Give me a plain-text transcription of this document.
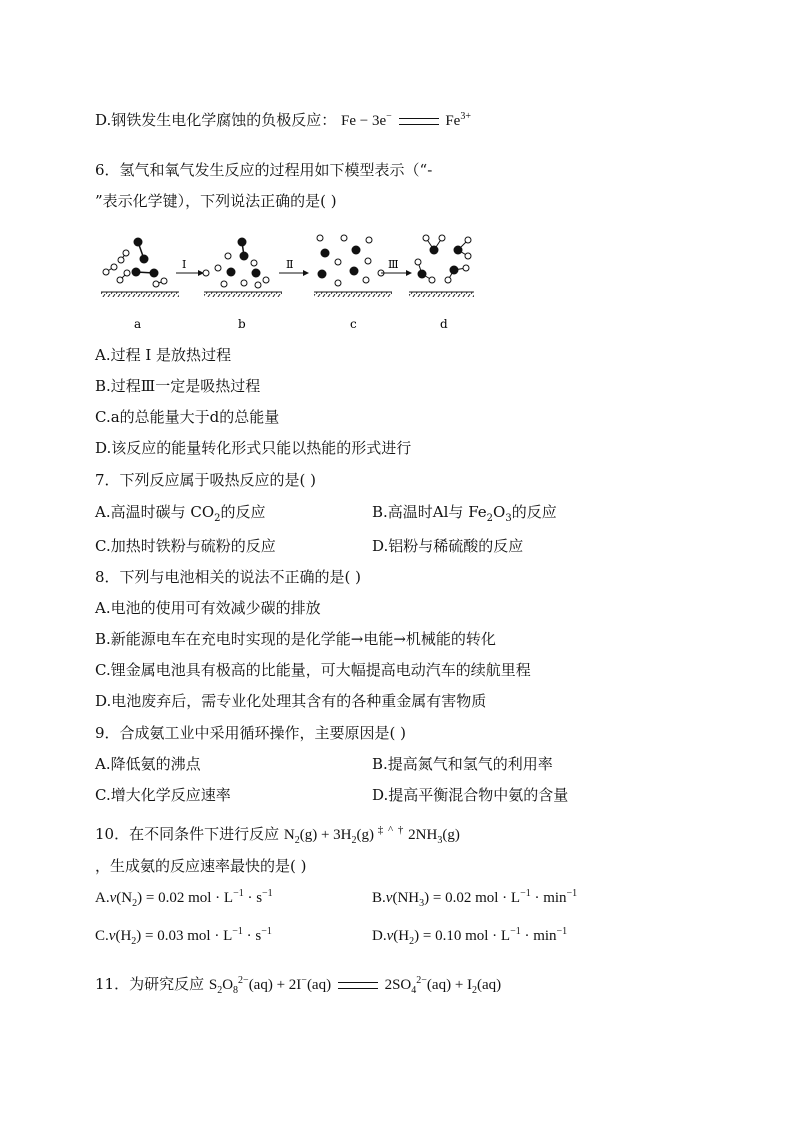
D.钢铁发生电化学腐蚀的负极反应： Fe − 3e−	$Fe^{3+}$
6．氢气和氧气发生反应的过程用如下模型表示（“-
”表示化学键），下列说法正确的是( )
Ⅰ	Ⅱ	Ⅲ
a	b	c	d
A.过程 Ⅰ 是放热过程
B.过程Ⅲ一定是吸热过程
C.a的总能量大于d的总能量
D.该反应的能量转化形式只能以热能的形式进行
7．下列反应属于吸热反应的是( )
A.高温时碳与 $CO_2$的反应	B.高温时Al与 $Fe_2O_3$的反应
C.加热时铁粉与硫粉的反应	D.铝粉与稀硫酸的反应
8．下列与电池相关的说法不正确的是( )
A.电池的使用可有效减少碳的排放
B.新能源电车在充电时实现的是化学能→电能→机械能的转化
C.锂金属电池具有极高的比能量，可大幅提高电动汽车的续航里程
D.电池废弃后，需专业化处理其含有的各种重金属有害物质
9．合成氨工业中采用循环操作，主要原因是( )
A.降低氨的沸点	B.提高氮气和氢气的利用率
C.增大化学反应速率	D.提高平衡混合物中氨的含量
10．在不同条件下进行反应 $N_2(g) + 3H_2(g)$ ‡ ^ † $2NH_3(g)$
，生成氨的反应速率最快的是( )
$A.v(N_2) = 0.02$ mol · $L^{-1} \cdot s^{-1}$	$B.v(NH_3) = 0.02$ mol · $L^{-1} \cdot \min^{-1}$
$C.v(H_2) = 0.03$ mol · $L^{-1} \cdot s^{-1}$	$D.v(H_2) = 0.10$ mol · $L^{-1} \cdot \min^{-1}$
11．为研究反应 $S_2O_8^{2-}(aq) + 2I^-(aq)$	$2SO_4^{2-}(aq) + I_2(aq)$
